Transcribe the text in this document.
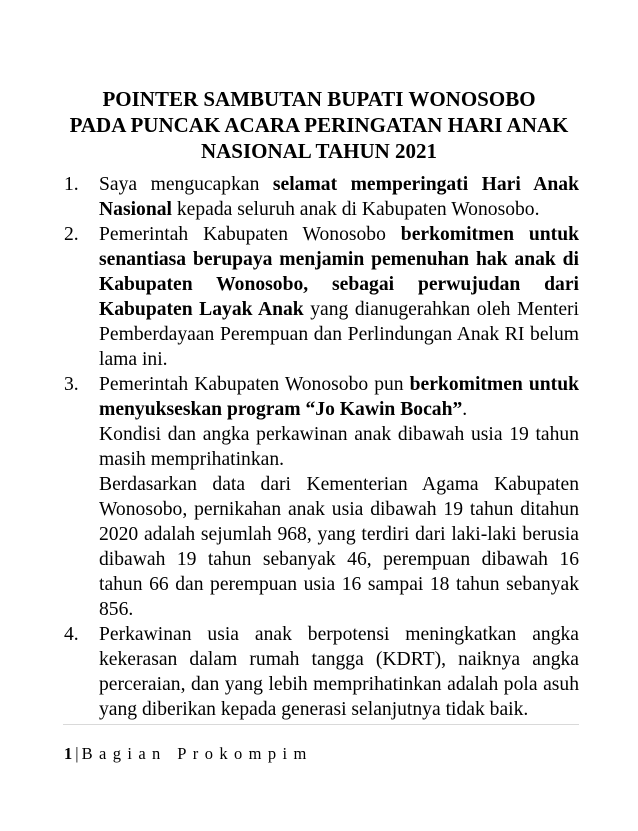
POINTER SAMBUTAN BUPATI WONOSOBO
PADA PUNCAK ACARA PERINGATAN HARI ANAK
NASIONAL TAHUN 2021
1. Saya mengucapkan selamat memperingati Hari Anak Nasional kepada seluruh anak di Kabupaten Wonosobo.

2. Pemerintah Kabupaten Wonosobo berkomitmen untuk senantiasa berupaya menjamin pemenuhan hak anak di Kabupaten Wonosobo, sebagai perwujudan dari Kabupaten Layak Anak yang dianugerahkan oleh Menteri Pemberdayaan Perempuan dan Perlindungan Anak RI belum lama ini.

3. Pemerintah Kabupaten Wonosobo pun berkomitmen untuk menyukseskan program “Jo Kawin Bocah”.

Kondisi dan angka perkawinan anak dibawah usia 19 tahun masih memprihatinkan.

Berdasarkan data dari Kementerian Agama Kabupaten Wonosobo, pernikahan anak usia dibawah 19 tahun ditahun 2020 adalah sejumlah 968, yang terdiri dari laki-laki berusia dibawah 19 tahun sebanyak 46, perempuan dibawah 16 tahun 66 dan perempuan usia 16 sampai 18 tahun sebanyak 856.

4. Perkawinan usia anak berpotensi meningkatkan angka kekerasan dalam rumah tangga (KDRT), naiknya angka perceraian, dan yang lebih memprihatinkan adalah pola asuh yang diberikan kepada generasi selanjutnya tidak baik.

1 | Bagian Prokompim
